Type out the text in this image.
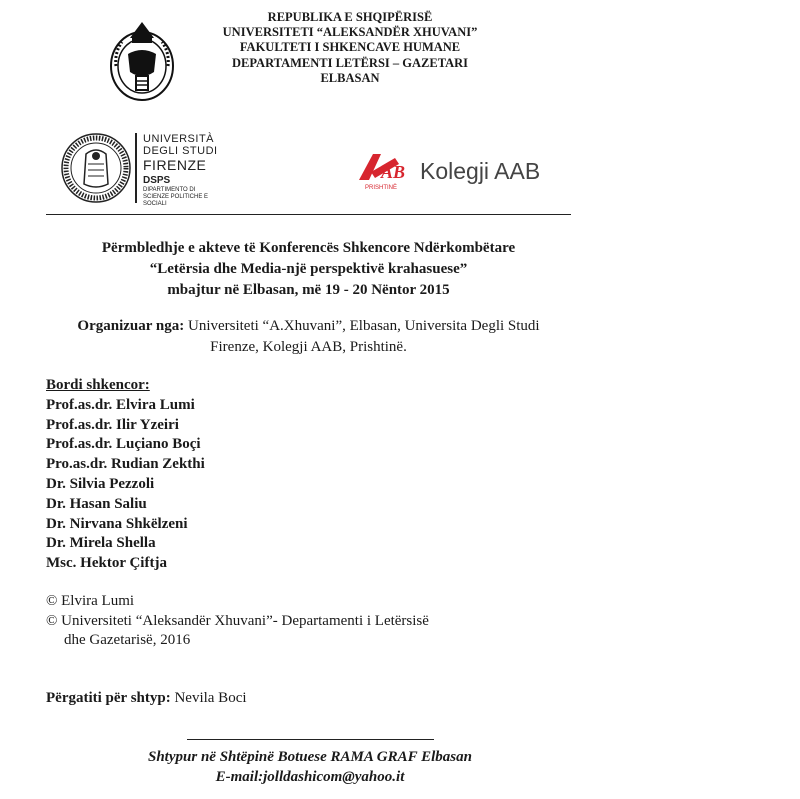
REPUBLIKA E SHQIPËRISË
UNIVERSITETI “ALEKSANDËR XHUVANI”
FAKULTETI I SHKENCAVE HUMANE
DEPARTAMENTI LETËRSI – GAZETARI
ELBASAN
UNIVERSITÀ
DEGLI STUDI
FIRENZE
DSPS
DIPARTIMENTO DI SCIENZE POLITICHE E SOCIALI
AB
PRISHTINË
Kolegji AAB
Përmbledhje e akteve të Konferencës Shkencore Ndërkombëtare
“Letërsia dhe Media-një perspektivë krahasuese”
mbajtur në Elbasan, më 19 - 20 Nëntor 2015
Organizuar nga: Universiteti “A.Xhuvani”, Elbasan, Universita Degli Studi
Firenze, Kolegji AAB, Prishtinë.
Bordi shkencor:
Prof.as.dr. Elvira Lumi
Prof.as.dr. Ilir Yzeiri
Prof.as.dr. Luçiano Boçi
Pro.as.dr. Rudian Zekthi
Dr. Silvia Pezzoli
Dr. Hasan Saliu
Dr. Nirvana Shkëlzeni
Dr. Mirela Shella
Msc. Hektor Çiftja
© Elvira Lumi
© Universiteti “Aleksandër Xhuvani”- Departamenti i Letërsisë
dhe Gazetarisë, 2016
Përgatiti për shtyp: Nevila Boci
Shtypur në Shtëpinë Botuese RAMA GRAF Elbasan
E-mail:jolldashicom@yahoo.it
